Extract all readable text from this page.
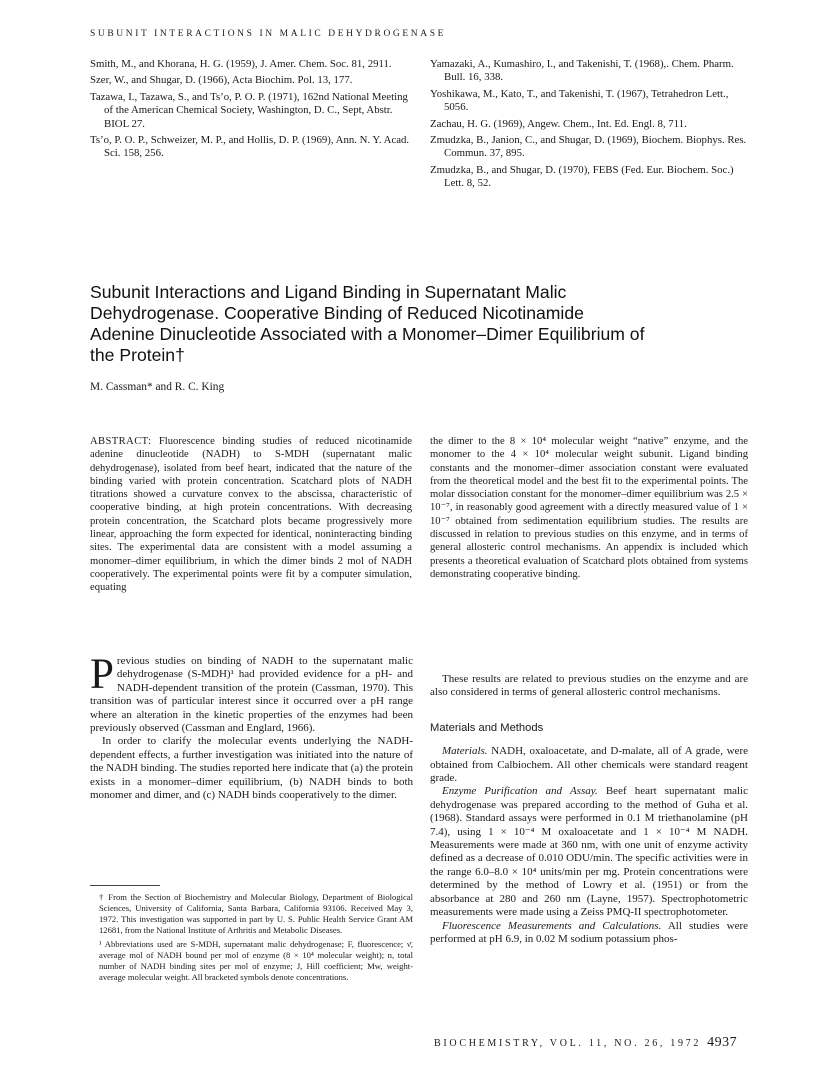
SUBUNIT INTERACTIONS IN MALIC DEHYDROGENASE

Smith, M., and Khorana, H. G. (1959), J. Amer. Chem. Soc. 81, 2911.

Szer, W., and Shugar, D. (1966), Acta Biochim. Pol. 13, 177.

Tazawa, I., Tazawa, S., and Ts’o, P. O. P. (1971), 162nd National Meeting of the American Chemical Society, Washington, D. C., Sept, Abstr. BIOL 27.

Ts’o, P. O. P., Schweizer, M. P., and Hollis, D. P. (1969), Ann. N. Y. Acad. Sci. 158, 256.

Yamazaki, A., Kumashiro, I., and Takenishi, T. (1968),. Chem. Pharm. Bull. 16, 338.

Yoshikawa, M., Kato, T., and Takenishi, T. (1967), Tetrahedron Lett., 5056.

Zachau, H. G. (1969), Angew. Chem., Int. Ed. Engl. 8, 711.

Zmudzka, B., Janion, C., and Shugar, D. (1969), Biochem. Biophys. Res. Commun. 37, 895.

Zmudzka, B., and Shugar, D. (1970), FEBS (Fed. Eur. Biochem. Soc.) Lett. 8, 52.

Subunit Interactions and Ligand Binding in Supernatant Malic Dehydrogenase. Cooperative Binding of Reduced Nicotinamide Adenine Dinucleotide Associated with a Monomer–Dimer Equilibrium of the Protein†
M. Cassman* and R. C. King

ABSTRACT: Fluorescence binding studies of reduced nicotinamide adenine dinucleotide (NADH) to S-MDH (supernatant malic dehydrogenase), isolated from beef heart, indicated that the nature of the binding varied with protein concentration. Scatchard plots of NADH titrations showed a curvature convex to the abscissa, characteristic of cooperative binding, at high protein concentrations. With decreasing protein concentration, the Scatchard plots became progressively more linear, approaching the form expected for identical, noninteracting binding sites. The experimental data are consistent with a model assuming a monomer–dimer equilibrium, in which the dimer binds 2 mol of NADH cooperatively. The experimental points were fit by a computer simulation, equating

the dimer to the 8 × 10⁴ molecular weight “native” enzyme, and the monomer to the 4 × 10⁴ molecular weight subunit. Ligand binding constants and the monomer–dimer association constant were evaluated from the theoretical model and the best fit to the experimental points. The molar dissociation constant for the monomer–dimer equilibrium was 2.5 × 10⁻⁷, in reasonably good agreement with a directly measured value of 1 × 10⁻⁷ obtained from sedimentation equilibrium studies. The results are discussed in relation to previous studies on this enzyme, and in terms of general allosteric control mechanisms. An appendix is included which presents a theoretical evaluation of Scatchard plots obtained from systems demonstrating cooperative binding.

Previous studies on binding of NADH to the supernatant malic dehydrogenase (S-MDH)¹ had provided evidence for a pH- and NADH-dependent transition of the protein (Cassman, 1970). This transition was of particular interest since it occurred over a pH range where an alteration in the kinetic properties of the enzymes had been previously observed (Cassman and Englard, 1966).

In order to clarify the molecular events underlying the NADH-dependent effects, a further investigation was initiated into the nature of the NADH binding. The studies reported here indicate that (a) the protein exists in a monomer–dimer equilibrium, (b) NADH binds to both monomer and dimer, and (c) NADH binds cooperatively to the dimer.

These results are related to previous studies on the enzyme and are also considered in terms of general allosteric control mechanisms.

Materials and Methods

Materials. NADH, oxaloacetate, and D-malate, all of A grade, were obtained from Calbiochem. All other chemicals were standard reagent grade.

Enzyme Purification and Assay. Beef heart supernatant malic dehydrogenase was prepared according to the method of Guha et al. (1968). Standard assays were performed in 0.1 M triethanolamine (pH 7.4), using 1 × 10⁻⁴ M oxaloacetate and 1 × 10⁻⁴ M NADH. Measurements were made at 360 nm, with one unit of enzyme activity defined as a decrease of 0.010 ODU/min. The specific activities were in the range 6.0–8.0 × 10⁴ units/min per mg. Protein concentrations were determined by the method of Lowry et al. (1951) or from the absorbance at 280 and 260 nm (Layne, 1957). Spectrophotometric measurements were made using a Zeiss PMQ-II spectrophotometer.

Fluorescence Measurements and Calculations. All studies were performed at pH 6.9, in 0.02 M sodium potassium phos-

† From the Section of Biochemistry and Molecular Biology, Department of Biological Sciences, University of California, Santa Barbara, California 93106. Received May 3, 1972. This investigation was supported in part by U. S. Public Health Service Grant AM 12681, from the National Institute of Arthritis and Metabolic Diseases.

¹ Abbreviations used are S-MDH, supernatant malic dehydrogenase; F, fluorescence; ν̄, average mol of NADH bound per mol of enzyme (8 × 10⁴ molecular weight); n, total number of NADH binding sites per mol of enzyme; J, Hill coefficient; Mw, weight-average molecular weight. All bracketed symbols denote concentrations.

BIOCHEMISTRY, VOL. 11, NO. 26, 1972 4937
